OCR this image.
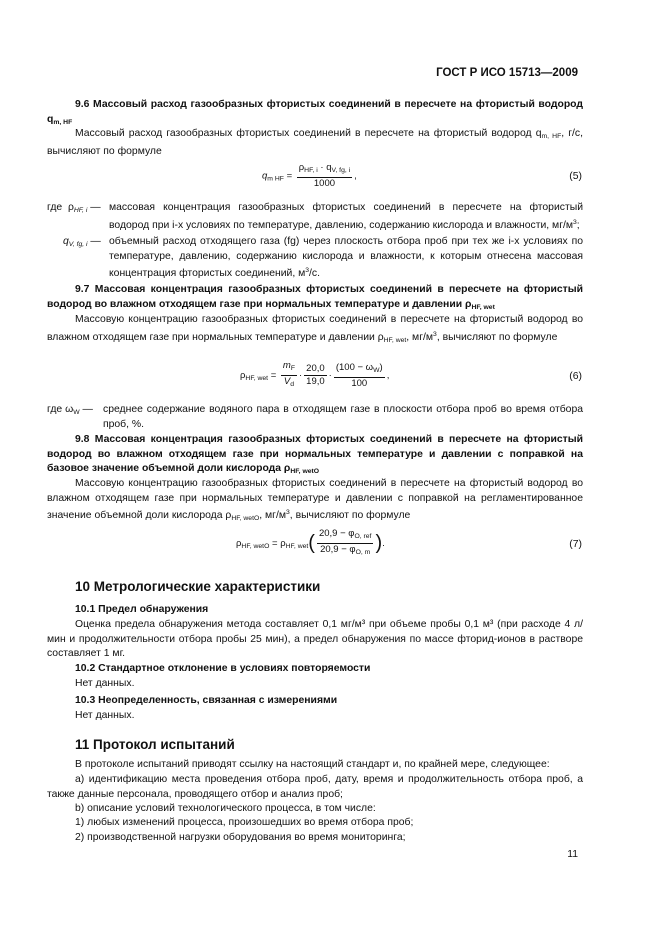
ГОСТ Р ИСО 15713—2009
9.6 Массовый расход газообразных фтористых соединений в пересчете на фтористый водород qm, HF
Массовый расход газообразных фтористых соединений в пересчете на фтористый водород $q_{m, HF}$, г/с, вычисляют по формуле
$q_{m HF} = \frac{\rho_{HF, i} \cdot q_{V, fg, i}}{1000}$ ,	(5)
где $\rho_{HF, i}$ — массовая концентрация газообразных фтористых соединений в пересчете на фтористый водород при i-х условиях по температуре, давлению, содержанию кислорода и влажности, $мг/м^3$;
$q_{V, fg, i}$ — объемный расход отходящего газа (fg) через плоскость отбора проб при тех же i-х условиях по температуре, давлению, содержанию кислорода и влажности, к которым отнесена массовая концентрация фтористых соединений, $м^3/с$.
9.7 Массовая концентрация газообразных фтористых соединений в пересчете на фтористый водород во влажном отходящем газе при нормальных температуре и давлении ρHF, wet
Массовую концентрацию газообразных фтористых соединений в пересчете на фтористый водород во влажном отходящем газе при нормальных температуре и давлении $\rho_{HF, wet}$, $мг/м^3$, вычисляют по формуле
$\rho_{HF, wet} = \frac{m_F}{V_d} \cdot \frac{20,0}{19,0} \cdot \frac{(100 - \omega_W)}{100}$ ,	(6)
где $\omega_W$ — среднее содержание водяного пара в отходящем газе в плоскости отбора проб во время отбора проб, %.
9.8 Массовая концентрация газообразных фтористых соединений в пересчете на фтористый водород во влажном отходящем газе при нормальных температуре и давлении с поправкой на базовое значение объемной доли кислорода ρHF, wetO
Массовую концентрацию газообразных фтористых соединений в пересчете на фтористый водород во влажном отходящем газе при нормальных температуре и давлении с поправкой на регламентированное значение объемной доли кислорода $\rho_{HF, wetO}$, $мг/м^3$, вычисляют по формуле
$\rho_{HF, wetO} = \rho_{HF, wet}( \frac{20,9 - \varphi_{O, ref}}{20,9 - \varphi_{O, m}}$ ).	(7)
10 Метрологические характеристики
10.1 Предел обнаружения
Оценка предела обнаружения метода составляет 0,1 мг/м³ при объеме пробы 0,1 м³ (при расходе 4 л/мин и продолжительности отбора пробы 25 мин), а предел обнаружения по массе фторид-ионов в растворе составляет 1 мг.
10.2 Стандартное отклонение в условиях повторяемости
Нет данных.
10.3 Неопределенность, связанная с измерениями
Нет данных.
11 Протокол испытаний
В протоколе испытаний приводят ссылку на настоящий стандарт и, по крайней мере, следующее:
а) идентификацию места проведения отбора проб, дату, время и продолжительность отбора проб, а также данные персонала, проводящего отбор и анализ проб;
b) описание условий технологического процесса, в том числе:
1) любых изменений процесса, произошедших во время отбора проб;
2) производственной нагрузки оборудования во время мониторинга;
11
